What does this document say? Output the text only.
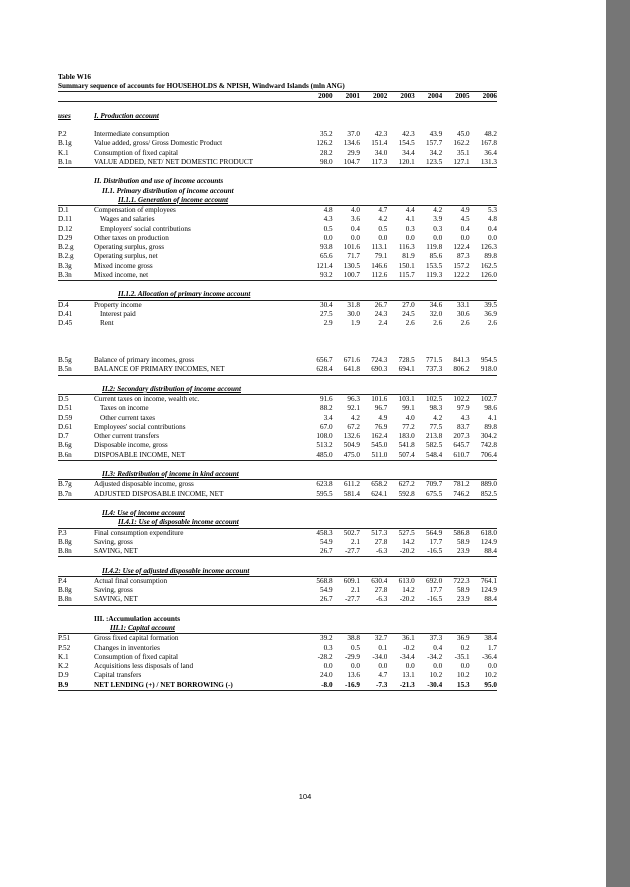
Table W16
Summary sequence of accounts for HOUSEHOLDS & NPISH, Windward Islands (mln ANG)
		2000	2001	2002	2003	2004	2005	2006

uses	I. Production account							

P.2	Intermediate consumption	35.2	37.0	42.3	42.3	43.9	45.0	48.2
B.1g	Value added, gross/ Gross Domestic Product	126.2	134.6	151.4	154.5	157.7	162.2	167.8
K.1	Consumption of fixed capital	28.2	29.9	34.0	34.4	34.2	35.1	36.4
B.1n	VALUE ADDED, NET/ NET DOMESTIC PRODUCT	98.0	104.7	117.3	120.1	123.5	127.1	131.3

	II. Distribution and use of income accounts							
	II.1. Primary distribution of income account							
	II.1.1. Generation of income account							
D.1	Compensation of employees	4.8	4.0	4.7	4.4	4.2	4.9	5.3
D.11	Wages and salaries	4.3	3.6	4.2	4.1	3.9	4.5	4.8
D.12	Employers' social contributions	0.5	0.4	0.5	0.3	0.3	0.4	0.4
D.29	Other taxes on production	0.0	0.0	0.0	0.0	0.0	0.0	0.0
B.2.g	Operating surplus, gross	93.8	101.6	113.1	116.3	119.8	122.4	126.3
B.2.g	Operating surplus, net	65.6	71.7	79.1	81.9	85.6	87.3	89.8
B.3g	Mixed income gross	121.4	130.5	146.6	150.1	153.5	157.2	162.5
B.3n	Mixed income, net	93.2	100.7	112.6	115.7	119.3	122.2	126.0

	II.1.2. Allocation of primary income account							
D.4	Property income	30.4	31.8	26.7	27.0	34.6	33.1	39.5
D.41	Interest paid	27.5	30.0	24.3	24.5	32.0	30.6	36.9
D.45	Rent	2.9	1.9	2.4	2.6	2.6	2.6	2.6

B.5g	Balance of primary incomes, gross	656.7	671.6	724.3	728.5	771.5	841.3	954.5
B.5n	BALANCE OF PRIMARY INCOMES, NET	628.4	641.8	690.3	694.1	737.3	806.2	918.0

	II.2: Secondary distribution of income account							
D.5	Current taxes on income, wealth etc.	91.6	96.3	101.6	103.1	102.5	102.2	102.7
D.51	Taxes on income	88.2	92.1	96.7	99.1	98.3	97.9	98.6
D.59	Other current taxes	3.4	4.2	4.9	4.0	4.2	4.3	4.1
D.61	Employees' social contributions	67.0	67.2	76.9	77.2	77.5	83.7	89.8
D.7	Other current transfers	108.0	132.6	162.4	183.0	213.8	207.3	304.2
B.6g	Disposable income, gross	513.2	504.9	545.0	541.8	582.5	645.7	742.8
B.6n	DISPOSABLE INCOME, NET	485.0	475.0	511.0	507.4	548.4	610.7	706.4

	II.3: Redistribution of income in kind account							
B.7g	Adjusted disposable income, gross	623.8	611.2	658.2	627.2	709.7	781.2	889.0
B.7n	ADJUSTED DISPOSABLE INCOME, NET	595.5	581.4	624.1	592.8	675.5	746.2	852.5

	II.4: Use of income account							
	II.4.1: Use of disposable income account							
P.3	Final consumption expenditure	458.3	502.7	517.3	527.5	564.9	586.8	618.0
B.8g	Saving, gross	54.9	2.1	27.8	14.2	17.7	58.9	124.9
B.8n	SAVING, NET	26.7	-27.7	-6.3	-20.2	-16.5	23.9	88.4

	II.4.2: Use of adjusted disposable income account							
P.4	Actual final consumption	568.8	609.1	630.4	613.0	692.0	722.3	764.1
B.8g	Saving, gross	54.9	2.1	27.8	14.2	17.7	58.9	124.9
B.8n	SAVING, NET	26.7	-27.7	-6.3	-20.2	-16.5	23.9	88.4

	III. :Accumulation accounts							
	III.1: Capital account							
P.51	Gross fixed capital formation	39.2	38.8	32.7	36.1	37.3	36.9	38.4
P.52	Changes in inventories	0.3	0.5	0.1	-0.2	0.4	0.2	1.7
K.1	Consumption of fixed capital	-28.2	-29.9	-34.0	-34.4	-34.2	-35.1	-36.4
K.2	Acquisitions less disposals of land	0.0	0.0	0.0	0.0	0.0	0.0	0.0
D.9	Capital transfers	24.0	13.6	4.7	13.1	10.2	10.2	10.2
B.9	NET LENDING (+) / NET BORROWING (-)	-8.0	-16.9	-7.3	-21.3	-30.4	15.3	95.0
104
